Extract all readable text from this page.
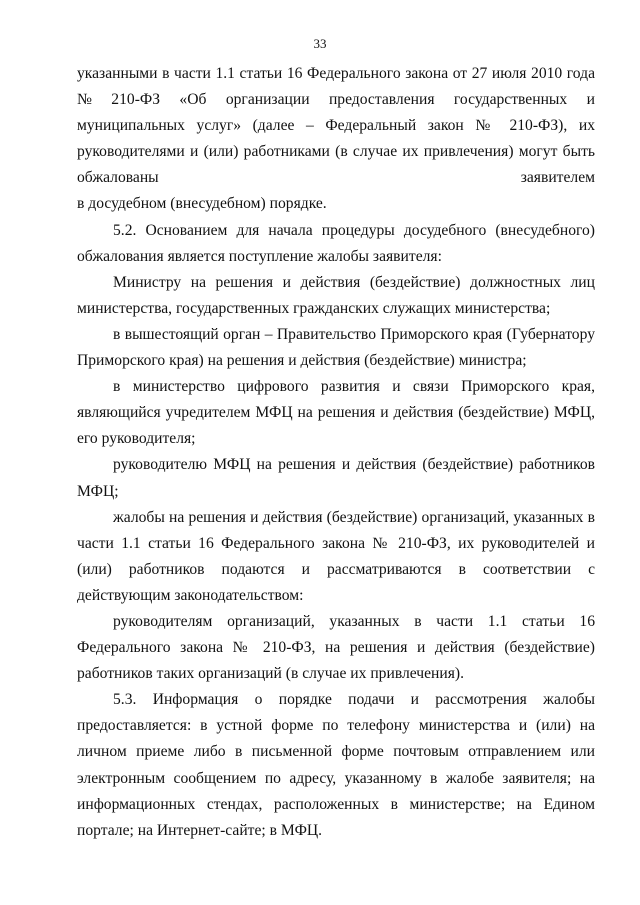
33
указанными в части 1.1 статьи 16 Федерального закона от 27 июля 2010 года
№ 210-ФЗ «Об организации предоставления государственных и
муниципальных услуг» (далее – Федеральный закон № 210-ФЗ), их
руководителями и (или) работниками (в случае их привлечения) могут быть
обжалованы	заявителем
в досудебном (внесудебном) порядке.

5.2. Основанием для начала процедуры досудебного (внесудебного) обжалования является поступление жалобы заявителя:

Министру на решения и действия (бездействие) должностных лиц министерства, государственных гражданских служащих министерства;

в вышестоящий орган – Правительство Приморского края (Губернатору Приморского края) на решения и действия (бездействие) министра;

в министерство цифрового развития и связи Приморского края, являющийся учредителем МФЦ на решения и действия (бездействие) МФЦ, его руководителя;

руководителю МФЦ на решения и действия (бездействие) работников МФЦ;

жалобы на решения и действия (бездействие) организаций, указанных в части 1.1 статьи 16 Федерального закона № 210-ФЗ, их руководителей и (или) работников подаются и рассматриваются в соответствии с действующим законодательством:

руководителям организаций, указанных в части 1.1 статьи 16 Федерального закона № 210-ФЗ, на решения и действия (бездействие) работников таких организаций (в случае их привлечения).

5.3. Информация о порядке подачи и рассмотрения жалобы предоставляется: в устной форме по телефону министерства и (или) на личном приеме либо в письменной форме почтовым отправлением или электронным сообщением по адресу, указанному в жалобе заявителя; на информационных стендах, расположенных в министерстве; на Едином портале; на Интернет-сайте; в МФЦ.
